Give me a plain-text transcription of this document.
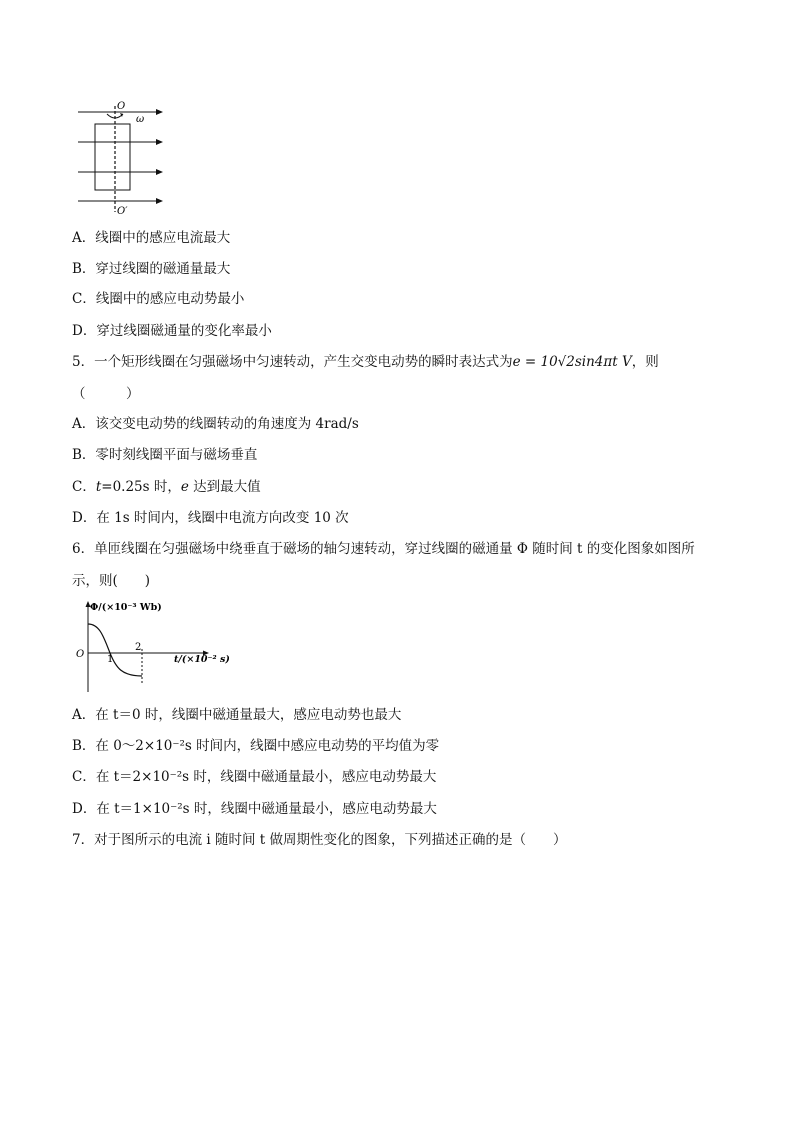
O
ω
O′
A．线圈中的感应电流最大
B．穿过线圈的磁通量最大
C．线圈中的感应电动势最小
D．穿过线圈磁通量的变化率最小
5．一个矩形线圈在匀强磁场中匀速转动，产生交变电动势的瞬时表达式为e = 10√2sin4πt V，则
（　　　）
A．该交变电动势的线圈转动的角速度为 4rad/s
B．零时刻线圈平面与磁场垂直
C．t=0.25s 时，e 达到最大值
D．在 1s 时间内，线圈中电流方向改变 10 次
6．单匝线圈在匀强磁场中绕垂直于磁场的轴匀速转动，穿过线圈的磁通量 Φ 随时间 t 的变化图象如图所
示，则(　　)
Φ/(×10⁻³ Wb)
O 1
2
t/(×10⁻² s)
A．在 t＝0 时，线圈中磁通量最大，感应电动势也最大
B．在 0～2×10⁻²s 时间内，线圈中感应电动势的平均值为零
C．在 t＝2×10⁻²s 时，线圈中磁通量最小，感应电动势最大
D．在 t＝1×10⁻²s 时，线圈中磁通量最小，感应电动势最大
7．对于图所示的电流 i 随时间 t 做周期性变化的图象，下列描述正确的是（　　）
